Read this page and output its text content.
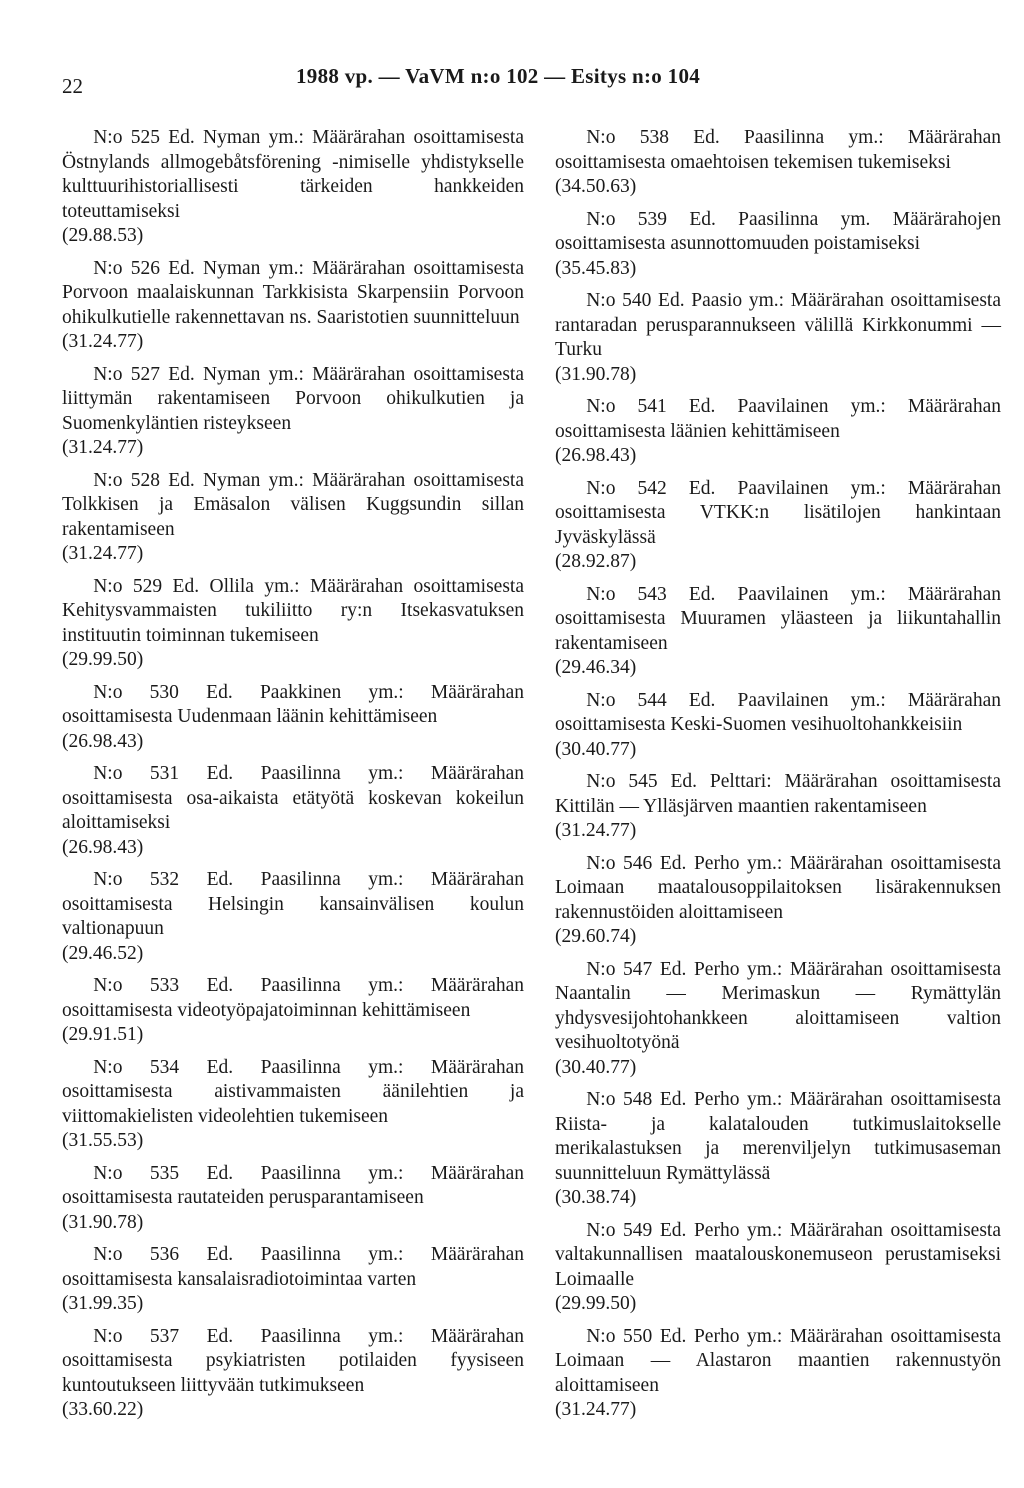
22	1988 vp. — VaVM n:o 102 — Esitys n:o 104

N:o 525 Ed. Nyman ym.: Määrärahan osoittamisesta Östnylands allmogebåtsförening -nimiselle yhdistykselle kulttuurihistoriallisesti tärkeiden hankkeiden toteuttamiseksi

(29.88.53)

N:o 526 Ed. Nyman ym.: Määrärahan osoittamisesta Porvoon maalaiskunnan Tarkkisista Skarpensiin Porvoon ohikulkutielle rakennettavan ns. Saaristotien suunnitteluun

(31.24.77)

N:o 527 Ed. Nyman ym.: Määrärahan osoittamisesta liittymän rakentamiseen Porvoon ohikulkutien ja Suomenkyläntien risteykseen

(31.24.77)

N:o 528 Ed. Nyman ym.: Määrärahan osoittamisesta Tolkkisen ja Emäsalon välisen Kuggsundin sillan rakentamiseen

(31.24.77)

N:o 529 Ed. Ollila ym.: Määrärahan osoittamisesta Kehitysvammaisten tukiliitto ry:n Itsekasvatuksen instituutin toiminnan tukemiseen

(29.99.50)

N:o 530 Ed. Paakkinen ym.: Määrärahan osoittamisesta Uudenmaan läänin kehittämiseen

(26.98.43)

N:o 531 Ed. Paasilinna ym.: Määrärahan osoittamisesta osa-aikaista etätyötä koskevan kokeilun aloittamiseksi

(26.98.43)

N:o 532 Ed. Paasilinna ym.: Määrärahan osoittamisesta Helsingin kansainvälisen koulun valtionapuun

(29.46.52)

N:o 533 Ed. Paasilinna ym.: Määrärahan osoittamisesta videotyöpajatoiminnan kehittämiseen

(29.91.51)

N:o 534 Ed. Paasilinna ym.: Määrärahan osoittamisesta aistivammaisten äänilehtien ja viittomakielisten videolehtien tukemiseen

(31.55.53)

N:o 535 Ed. Paasilinna ym.: Määrärahan osoittamisesta rautateiden perusparantamiseen

(31.90.78)

N:o 536 Ed. Paasilinna ym.: Määrärahan osoittamisesta kansalaisradiotoimintaa varten

(31.99.35)

N:o 537 Ed. Paasilinna ym.: Määrärahan osoittamisesta psykiatristen potilaiden fyysiseen kuntoutukseen liittyvään tutkimukseen

(33.60.22)

N:o 538 Ed. Paasilinna ym.: Määrärahan osoittamisesta omaehtoisen tekemisen tukemiseksi

(34.50.63)

N:o 539 Ed. Paasilinna ym. Määrärahojen osoittamisesta asunnottomuuden poistamiseksi

(35.45.83)

N:o 540 Ed. Paasio ym.: Määrärahan osoittamisesta rantaradan perusparannukseen välillä Kirkkonummi — Turku

(31.90.78)

N:o 541 Ed. Paavilainen ym.: Määrärahan osoittamisesta läänien kehittämiseen

(26.98.43)

N:o 542 Ed. Paavilainen ym.: Määrärahan osoittamisesta VTKK:n lisätilojen hankintaan Jyväskylässä

(28.92.87)

N:o 543 Ed. Paavilainen ym.: Määrärahan osoittamisesta Muuramen yläasteen ja liikuntahallin rakentamiseen

(29.46.34)

N:o 544 Ed. Paavilainen ym.: Määrärahan osoittamisesta Keski-Suomen vesihuoltohankkeisiin

(30.40.77)

N:o 545 Ed. Pelttari: Määrärahan osoittamisesta Kittilän — Ylläsjärven maantien rakentamiseen

(31.24.77)

N:o 546 Ed. Perho ym.: Määrärahan osoittamisesta Loimaan maatalousoppilaitoksen lisärakennuksen rakennustöiden aloittamiseen

(29.60.74)

N:o 547 Ed. Perho ym.: Määrärahan osoittamisesta Naantalin — Merimaskun — Rymättylän yhdysvesijohtohankkeen aloittamiseen valtion vesihuoltotyönä

(30.40.77)

N:o 548 Ed. Perho ym.: Määrärahan osoittamisesta Riista- ja kalatalouden tutkimuslaitokselle merikalastuksen ja merenviljelyn tutkimusaseman suunnitteluun Rymättylässä

(30.38.74)

N:o 549 Ed. Perho ym.: Määrärahan osoittamisesta valtakunnallisen maatalouskonemuseon perustamiseksi Loimaalle

(29.99.50)

N:o 550 Ed. Perho ym.: Määrärahan osoittamisesta Loimaan — Alastaron maantien rakennustyön aloittamiseen

(31.24.77)
